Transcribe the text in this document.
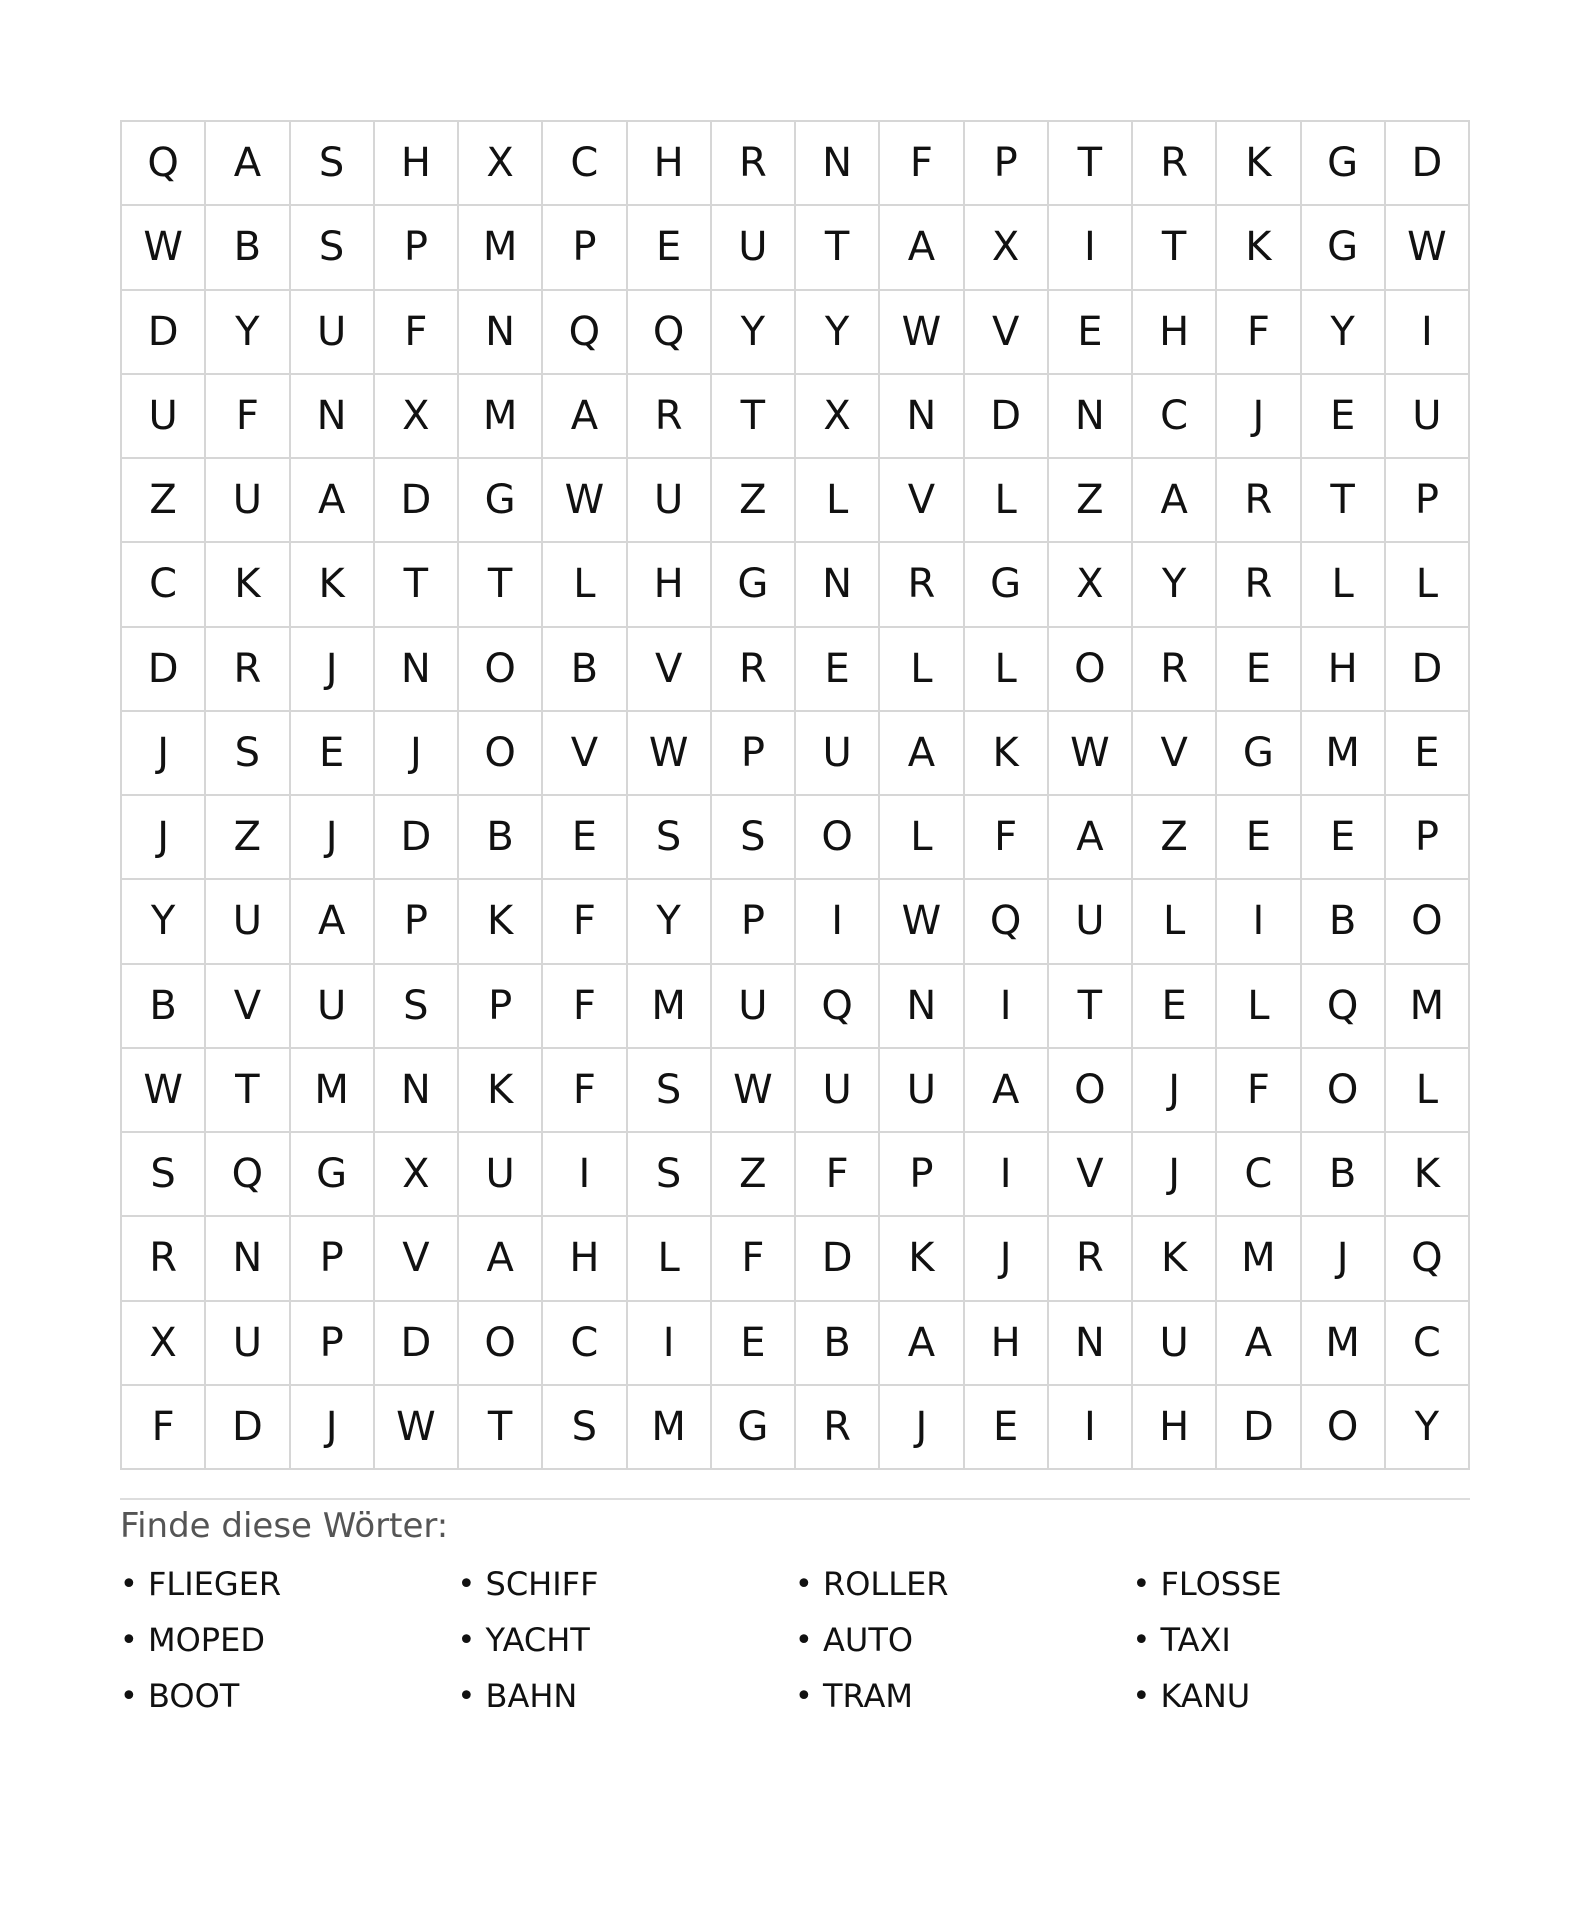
Q	A	S	H	X	C	H	R	N	F	P	T	R	K	G	D
W	B	S	P	M	P	E	U	T	A	X	I	T	K	G	W
D	Y	U	F	N	Q	Q	Y	Y	W	V	E	H	F	Y	I
U	F	N	X	M	A	R	T	X	N	D	N	C	J	E	U
Z	U	A	D	G	W	U	Z	L	V	L	Z	A	R	T	P
C	K	K	T	T	L	H	G	N	R	G	X	Y	R	L	L
D	R	J	N	O	B	V	R	E	L	L	O	R	E	H	D
J	S	E	J	O	V	W	P	U	A	K	W	V	G	M	E
J	Z	J	D	B	E	S	S	O	L	F	A	Z	E	E	P
Y	U	A	P	K	F	Y	P	I	W	Q	U	L	I	B	O
B	V	U	S	P	F	M	U	Q	N	I	T	E	L	Q	M
W	T	M	N	K	F	S	W	U	U	A	O	J	F	O	L
S	Q	G	X	U	I	S	Z	F	P	I	V	J	C	B	K
R	N	P	V	A	H	L	F	D	K	J	R	K	M	J	Q
X	U	P	D	O	C	I	E	B	A	H	N	U	A	M	C
F	D	J	W	T	S	M	G	R	J	E	I	H	D	O	Y
Finde diese Wörter:
• FLIEGER	• SCHIFF	• ROLLER	• FLOSSE
• MOPED	• YACHT	• AUTO	• TAXI
• BOOT	• BAHN	• TRAM	• KANU
